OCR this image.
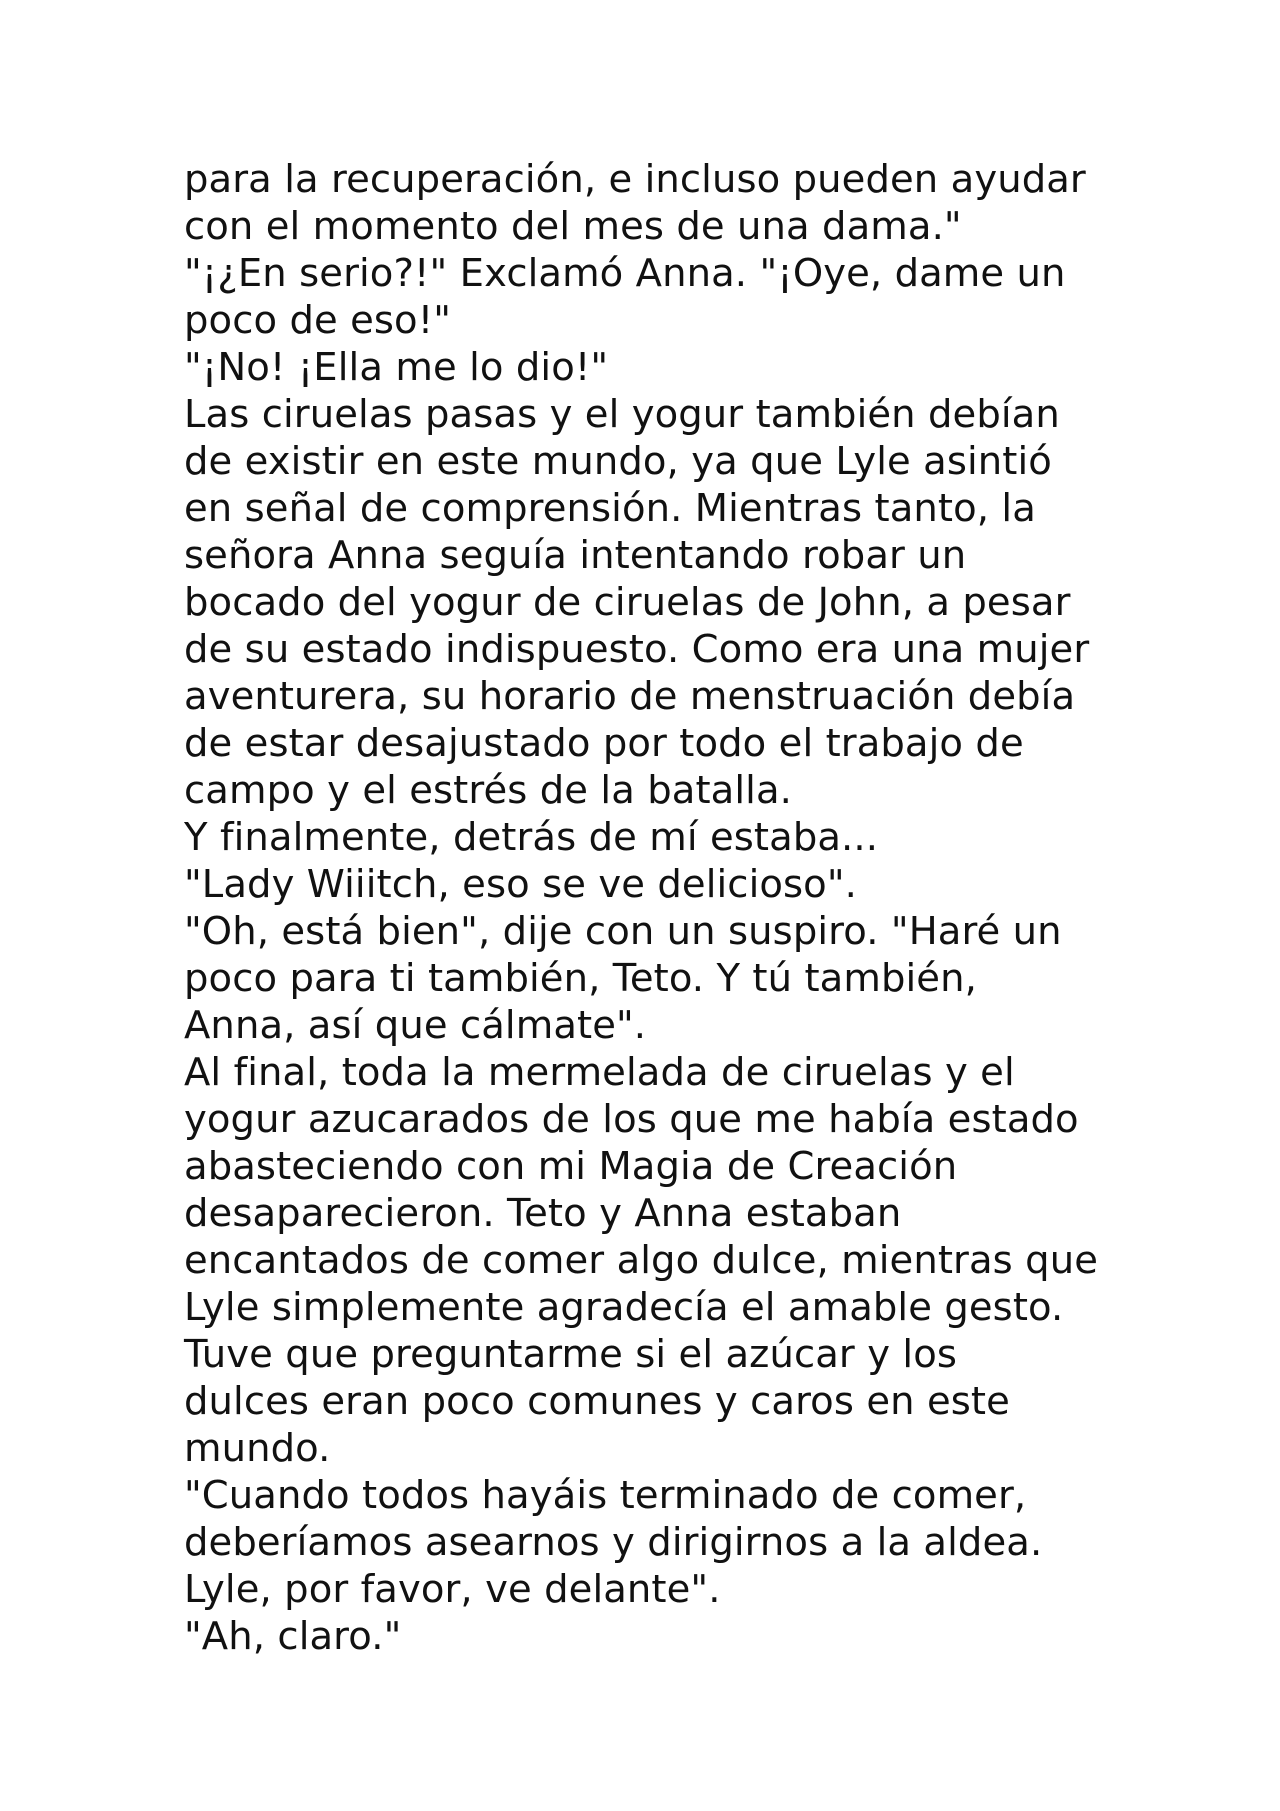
para la recuperación, e incluso pueden ayudar
con el momento del mes de una dama."
"¡¿En serio?!" Exclamó Anna. "¡Oye, dame un
poco de eso!"
"¡No! ¡Ella me lo dio!"
Las ciruelas pasas y el yogur también debían
de existir en este mundo, ya que Lyle asintió
en señal de comprensión. Mientras tanto, la
señora Anna seguía intentando robar un
bocado del yogur de ciruelas de John, a pesar
de su estado indispuesto. Como era una mujer
aventurera, su horario de menstruación debía
de estar desajustado por todo el trabajo de
campo y el estrés de la batalla.
Y finalmente, detrás de mí estaba...
"Lady Wiiitch, eso se ve delicioso".
"Oh, está bien", dije con un suspiro. "Haré un
poco para ti también, Teto. Y tú también,
Anna, así que cálmate".
Al final, toda la mermelada de ciruelas y el
yogur azucarados de los que me había estado
abasteciendo con mi Magia de Creación
desaparecieron. Teto y Anna estaban
encantados de comer algo dulce, mientras que
Lyle simplemente agradecía el amable gesto.
Tuve que preguntarme si el azúcar y los
dulces eran poco comunes y caros en este
mundo.
"Cuando todos hayáis terminado de comer,
deberíamos asearnos y dirigirnos a la aldea.
Lyle, por favor, ve delante".
"Ah, claro."
